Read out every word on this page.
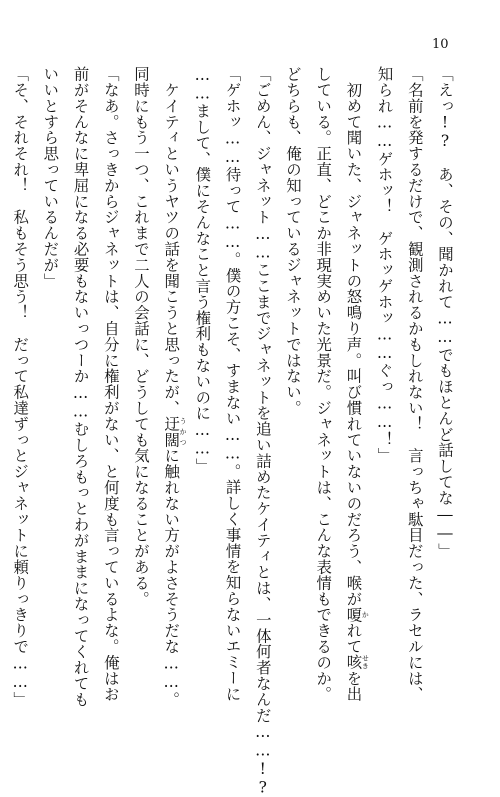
10

「えっ!?　あ、その、聞かれて……でもほとんど話してな――」

「名前を発するだけで、観測されるかもしれない！　言っちゃ駄目だった、ラセルには、

知られ……ゲホッ！　ゲホッゲホッ……ぐっ……！」

　初めて聞いた、ジャネットの怒鳴り声。叫び慣れていないのだろう、喉が嗄 かれて咳 せきを出

している。正直、どこか非現実めいた光景だ。ジャネットは、こんな表情もできるのか。

どちらも、俺の知っているジャネットではない。

「ごめん、ジャネット……ここまでジャネットを追い詰めたケイティとは、一体何者なんだ……!?

「ゲホッ……待って……。僕の方こそ、すまない……。詳しく事情を知らないエミーに

……まして、僕にそんなこと言う権利もないのに……」

　ケイティというヤツの話を聞こうと思ったが、迂闊 うかつに触れない方がよさそうだな……。

同時にもう一つ、これまで二人の会話に、どうしても気になることがある。

「なあ。さっきからジャネットは、自分に権利がない、と何度も言っているよな。俺はお

前がそんなに卑屈になる必要もないっつーか……むしろもっとわがままになってくれても

いいとすら思っているんだが」

「そ、それそれ！　私もそう思う！　だって私達ずっとジャネットに頼りっきりで……」
